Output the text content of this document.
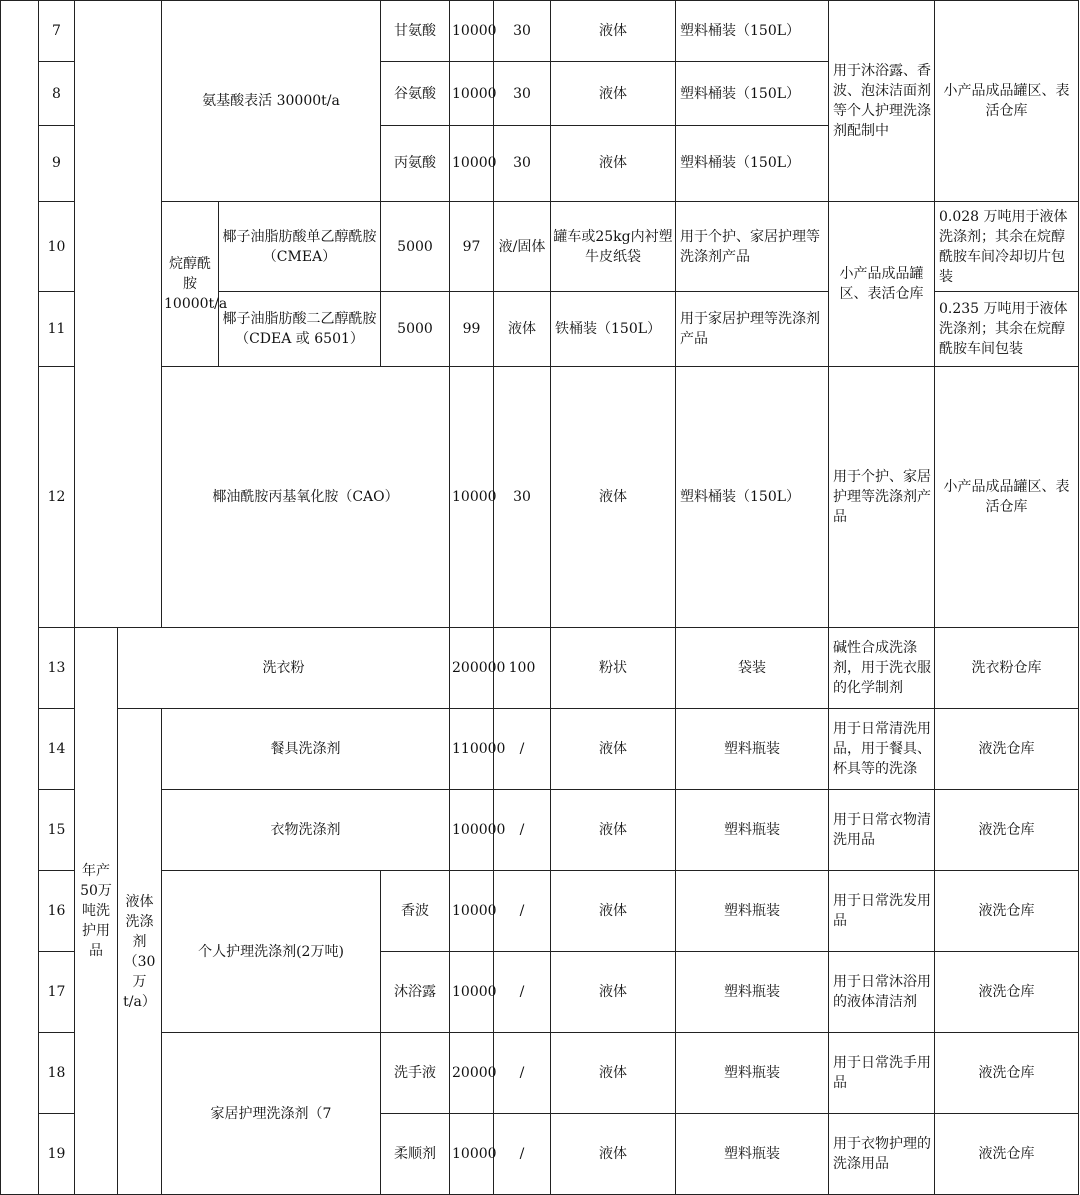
	7			氨基酸表活 30000t/a		甘氨酸	10000	30	液体	塑料桶装（150L）	用于沐浴露、香波、泡沫洁面剂等个人护理洗涤剂配制中	小产品成品罐区、表活仓库	
	8					谷氨酸	10000	30	液体	塑料桶装（150L）			
	9					丙氨酸	10000	30	液体	塑料桶装（150L）			
	10			烷醇酰胺 10000t/a	椰子油脂肪酸单乙醇酰胺（CMEA）	5000	97	液/固体	罐车或25kg内衬塑牛皮纸袋	用于个护、家居护理等洗涤剂产品	小产品成品罐区、表活仓库	0.028 万吨用于液体洗涤剂；其余在烷醇酰胺车间冷却切片包装	
	11				椰子油脂肪酸二乙醇酰胺（CDEA 或 6501）	5000	99	液体	铁桶装（150L）	用于家居护理等洗涤剂产品		0.235 万吨用于液体洗涤剂；其余在烷醇酰胺车间包装	
	12			椰油酰胺丙基氧化胺（CAO）			10000	30	液体	塑料桶装（150L）	用于个护、家居护理等洗涤剂产品	小产品成品罐区、表活仓库	
	13	年产50万吨洗护用品	洗衣粉				200000	100	粉状	袋装	碱性合成洗涤剂，用于洗衣服的化学制剂	洗衣粉仓库	
	14		液体洗涤剂（30万t/a）	餐具洗涤剂			110000	/	液体	塑料瓶装	用于日常清洗用品，用于餐具、杯具等的洗涤	液洗仓库	
	15			衣物洗涤剂			100000	/	液体	塑料瓶装	用于日常衣物清洗用品	液洗仓库	
	16			个人护理洗涤剂(2万吨)		香波	10000	/	液体	塑料瓶装	用于日常洗发用品	液洗仓库	
	17					沐浴露	10000	/	液体	塑料瓶装	用于日常沐浴用的液体清洁剂	液洗仓库	
	18			家居护理洗涤剂（7		洗手液	20000	/	液体	塑料瓶装	用于日常洗手用品	液洗仓库	
	19					柔顺剂	10000	/	液体	塑料瓶装	用于衣物护理的洗涤用品	液洗仓库	
